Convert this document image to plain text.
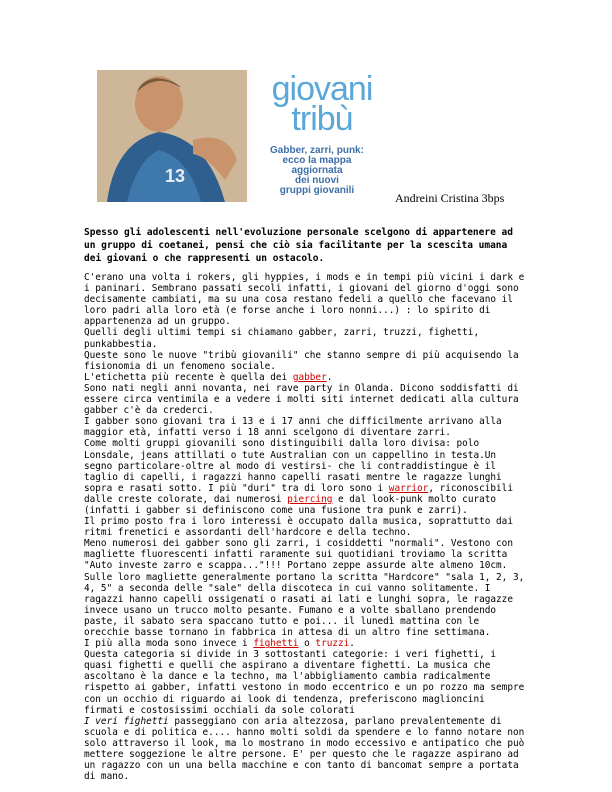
13
giovani
tribù
Gabber, zarri, punk:
ecco la mappa
aggiornata
dei nuovi
gruppi giovanili
Andreini Cristina 3bps
Spesso gli adolescenti nell'evoluzione personale scelgono di appartenere ad un gruppo di coetanei, pensi che ciò sia facilitante per la scescita umana dei giovani o che rappresenti un ostacolo.

C'erano una volta i rokers, gli hyppies, i mods e in tempi più vicini i dark e i paninari. Sembrano passati secoli infatti, i giovani del giorno d'oggi sono decisamente cambiati, ma su una cosa restano fedeli a quello che facevano il loro padri alla loro età (e forse anche i loro nonni...) : lo spirito di appartenenza ad un gruppo.

Quelli degli ultimi tempi si chiamano gabber, zarri, truzzi, fighetti, punkabbestia.

Queste sono le nuove "tribù giovanili" che stanno sempre di più acquisendo la fisionomia di un fenomeno sociale.

L'etichetta più recente è quella dei gabber.

Sono nati negli anni novanta, nei rave party in Olanda. Dicono soddisfatti di essere circa ventimila e a vedere i molti siti internet dedicati alla cultura gabber c'è da crederci.

I gabber sono giovani tra i 13 e i 17 anni che difficilmente arrivano alla maggior età, infatti verso i 18 anni scelgono di diventare zarri.

Come molti gruppi giovanili sono distinguibili dalla loro divisa: polo Lonsdale, jeans attillati o tute Australian con un cappellino in testa.Un segno particolare-oltre al modo di vestirsi- che li contraddistingue è il taglio di capelli, i ragazzi hanno capelli rasati mentre le ragazze lunghi sopra e rasati sotto. I più "duri" tra di loro sono i warrior, riconoscibili dalle creste colorate, dai numerosi piercing e dal look-punk molto curato (infatti i gabber si definiscono come una fusione tra punk e zarri).

Il primo posto fra i loro interessi è occupato dalla musica, soprattutto dai ritmi frenetici e assordanti dell'hardcore e della techno.

Meno numerosi dei gabber sono gli zarri, i cosiddetti "normali". Vestono con magliette fluorescenti infatti raramente sui quotidiani troviamo la scritta "Auto investe zarro e scappa..."!!! Portano zeppe assurde alte almeno 10cm. Sulle loro magliette generalmente portano la scritta "Hardcore" "sala 1, 2, 3, 4, 5" a seconda delle "sale" della discoteca in cui vanno solitamente. I ragazzi hanno capelli ossigenati o rasati ai lati e lunghi sopra, le ragazze invece usano un trucco molto pesante. Fumano e a volte sballano prendendo paste, il sabato sera spaccano tutto e poi... il lunedì mattina con le orecchie basse tornano in fabbrica in attesa di un altro fine settimana.

I più alla moda sono invece i fighetti o truzzi.

Questa categoria si divide in 3 sottostanti categorie: i veri fighetti, i quasi fighetti e quelli che aspirano a diventare fighetti. La musica che ascoltano è la dance e la techno, ma l'abbigliamento cambia radicalmente rispetto ai gabber, infatti vestono in modo eccentrico e un po rozzo ma sempre con un occhio di riguardo ai look di tendenza, preferiscono maglioncini firmati e costosissimi occhiali da sole colorati

I veri fighetti passeggiano con aria altezzosa, parlano prevalentemente di scuola e di politica e.... hanno molti soldi da spendere e lo fanno notare non solo attraverso il look, ma lo mostrano in modo eccessivo e antipatico che può mettere soggezione le altre persone. E' per questo che le ragazze aspirano ad un ragazzo con un una bella macchine e con tanto di bancomat sempre a portata di mano.
